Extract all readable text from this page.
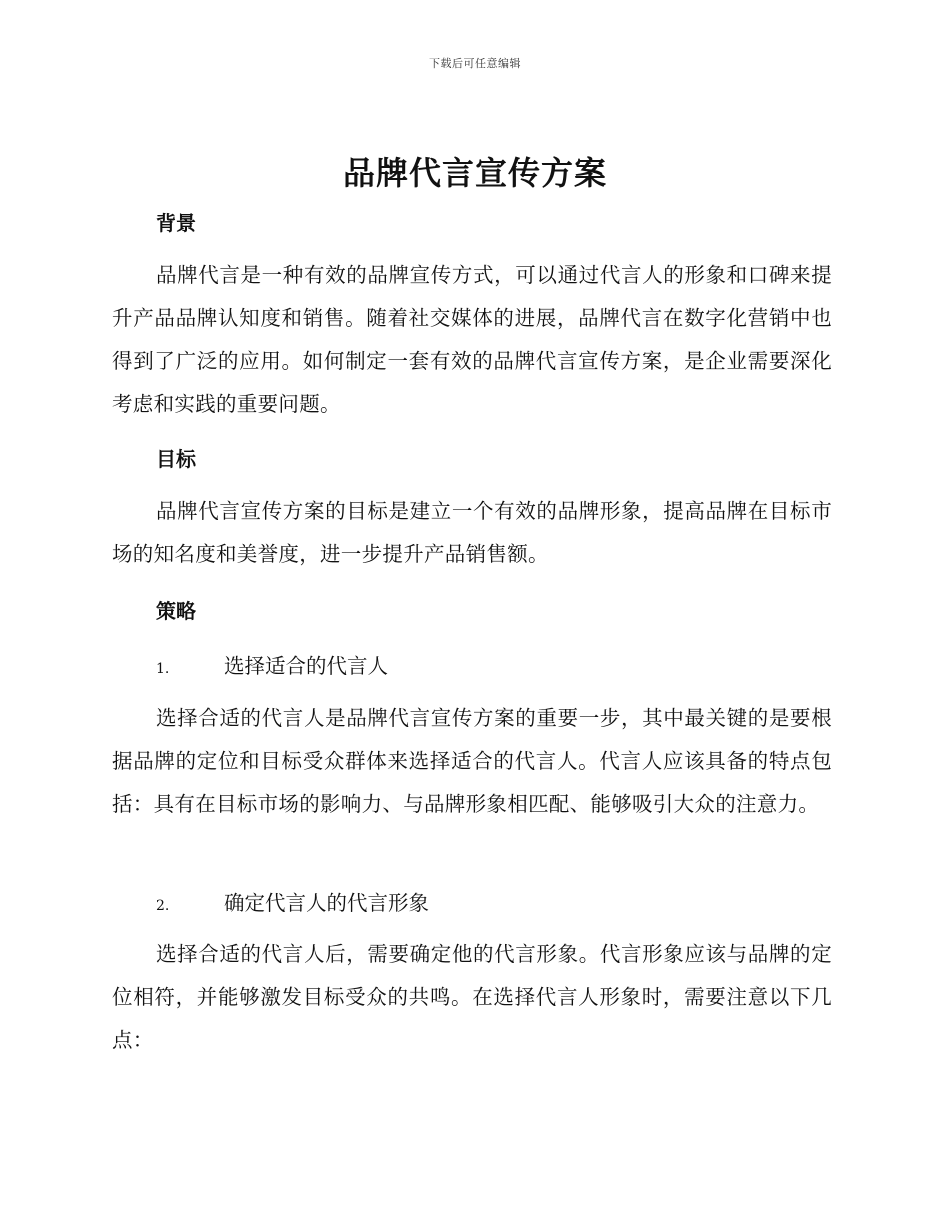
下载后可任意编辑
品牌代言宣传方案
背景

品牌代言是一种有效的品牌宣传方式，可以通过代言人的形象和口碑来提升产品品牌认知度和销售。随着社交媒体的进展，品牌代言在数字化营销中也得到了广泛的应用。如何制定一套有效的品牌代言宣传方案，是企业需要深化考虑和实践的重要问题。

目标

品牌代言宣传方案的目标是建立一个有效的品牌形象，提高品牌在目标市场的知名度和美誉度，进一步提升产品销售额。

策略
1.	选择适合的代言人

选择合适的代言人是品牌代言宣传方案的重要一步，其中最关键的是要根据品牌的定位和目标受众群体来选择适合的代言人。代言人应该具备的特点包括：具有在目标市场的影响力、与品牌形象相匹配、能够吸引大众的注意力。

2.	确定代言人的代言形象

选择合适的代言人后，需要确定他的代言形象。代言形象应该与品牌的定位相符，并能够激发目标受众的共鸣。在选择代言人形象时，需要注意以下几点：
